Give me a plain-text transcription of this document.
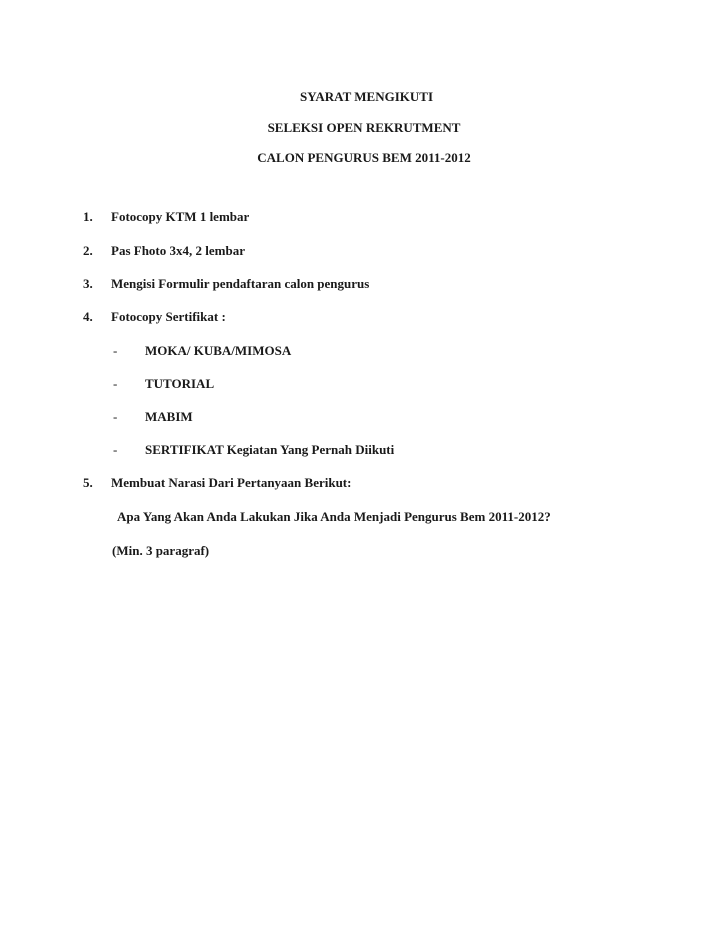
SYARAT MENGIKUTI
SELEKSI OPEN REKRUTMENT
CALON PENGURUS BEM 2011-2012
1. Fotocopy KTM 1 lembar
2. Pas Fhoto 3x4, 2 lembar
3. Mengisi Formulir pendaftaran calon pengurus
4. Fotocopy Sertifikat :
- MOKA/ KUBA/MIMOSA
- TUTORIAL
- MABIM
- SERTIFIKAT Kegiatan Yang Pernah Diikuti
5. Membuat Narasi Dari Pertanyaan Berikut:
Apa Yang Akan Anda Lakukan Jika Anda Menjadi Pengurus Bem 2011-2012?
(Min. 3 paragraf)
